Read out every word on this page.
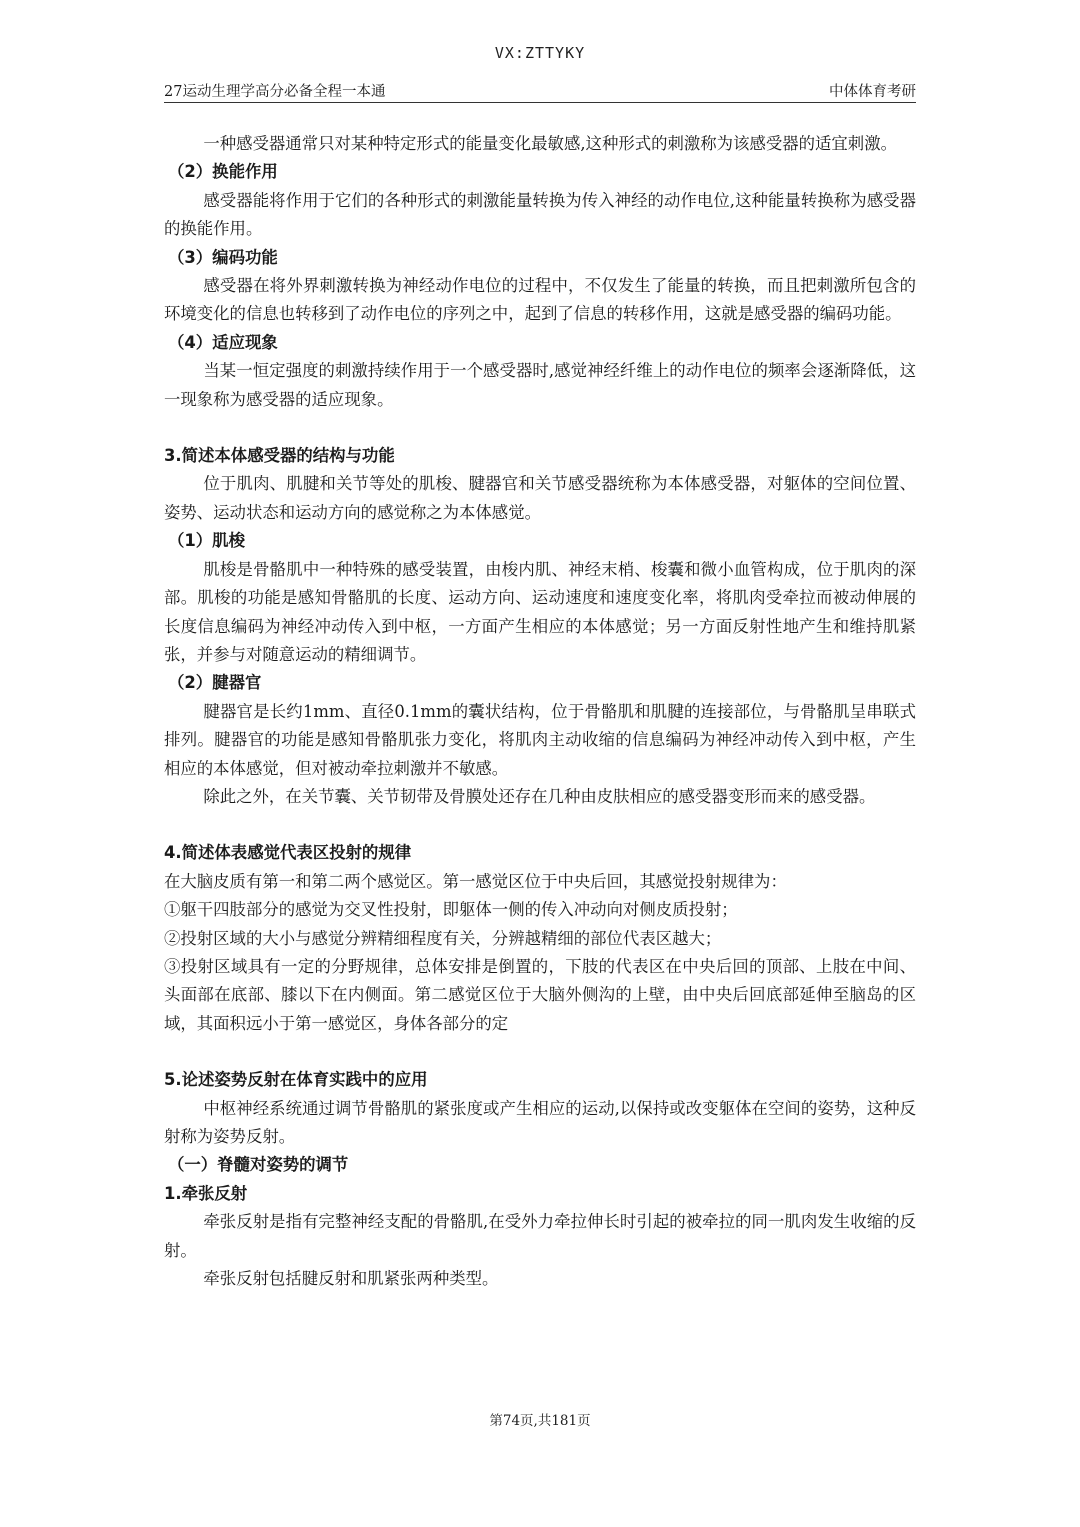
VX:ZTTYKY
27运动生理学高分必备全程一本通	中体体育考研

一种感受器通常只对某种特定形式的能量变化最敏感,这种形式的刺激称为该感受器的适宜刺激。

（2）换能作用

感受器能将作用于它们的各种形式的刺激能量转换为传入神经的动作电位,这种能量转换称为感受器的换能作用。

（3）编码功能

感受器在将外界刺激转换为神经动作电位的过程中，不仅发生了能量的转换，而且把刺激所包含的环境变化的信息也转移到了动作电位的序列之中，起到了信息的转移作用，这就是感受器的编码功能。

（4）适应现象

当某一恒定强度的刺激持续作用于一个感受器时,感觉神经纤维上的动作电位的频率会逐渐降低，这一现象称为感受器的适应现象。

3.简述本体感受器的结构与功能

位于肌肉、肌腱和关节等处的肌梭、腱器官和关节感受器统称为本体感受器，对躯体的空间位置、姿势、运动状态和运动方向的感觉称之为本体感觉。

（1）肌梭

肌梭是骨骼肌中一种特殊的感受装置，由梭内肌、神经末梢、梭囊和微小血管构成，位于肌肉的深部。肌梭的功能是感知骨骼肌的长度、运动方向、运动速度和速度变化率，将肌肉受牵拉而被动伸展的长度信息编码为神经冲动传入到中枢，一方面产生相应的本体感觉；另一方面反射性地产生和维持肌紧张，并参与对随意运动的精细调节。

（2）腱器官

腱器官是长约1mm、直径0.1mm的囊状结构，位于骨骼肌和肌腱的连接部位，与骨骼肌呈串联式排列。腱器官的功能是感知骨骼肌张力变化，将肌肉主动收缩的信息编码为神经冲动传入到中枢，产生相应的本体感觉，但对被动牵拉刺激并不敏感。

除此之外，在关节囊、关节韧带及骨膜处还存在几种由皮肤相应的感受器变形而来的感受器。

4.简述体表感觉代表区投射的规律

在大脑皮质有第一和第二两个感觉区。第一感觉区位于中央后回，其感觉投射规律为：

①躯干四肢部分的感觉为交叉性投射，即躯体一侧的传入冲动向对侧皮质投射；

②投射区域的大小与感觉分辨精细程度有关，分辨越精细的部位代表区越大；

③投射区域具有一定的分野规律，总体安排是倒置的，下肢的代表区在中央后回的顶部、上肢在中间、头面部在底部、膝以下在内侧面。第二感觉区位于大脑外侧沟的上壁，由中央后回底部延伸至脑岛的区域，其面积远小于第一感觉区，身体各部分的定

5.论述姿势反射在体育实践中的应用

中枢神经系统通过调节骨骼肌的紧张度或产生相应的运动,以保持或改变躯体在空间的姿势，这种反射称为姿势反射。

（一）脊髓对姿势的调节
1.牵张反射

牵张反射是指有完整神经支配的骨骼肌,在受外力牵拉伸长时引起的被牵拉的同一肌肉发生收缩的反射。

牵张反射包括腱反射和肌紧张两种类型。

第74页,共181页
